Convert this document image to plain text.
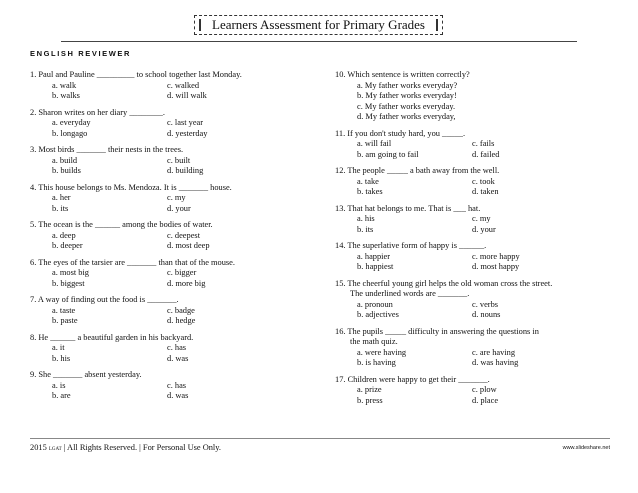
Learners Assessment for Primary Grades
ENGLISH REVIEWER
1. Paul and Pauline _________ to school together last Monday.
a. walk	c. walked
b. walks	d. will walk
2. Sharon writes on her diary ________.
a. everyday	c. last year
b. longago	d. yesterday
3. Most birds _______ their nests in the trees.
a. build	c. built
b. builds	d. building
4. This house belongs to Ms. Mendoza. It is _______ house.
a. her	c. my
b. its	d. your
5. The ocean is the ______ among the bodies of water.
a. deep	c. deepest
b. deeper	d. most deep
6. The eyes of the tarsier are _______ than that of the mouse.
a. most big	c. bigger
b. biggest	d. more big
7. A way of finding out the food is _______.
a. taste	c. badge
b. paste	d. hedge
8. He ______ a beautiful garden in his backyard.
a. it	c. has
b. his	d. was
9. She _______ absent yesterday.
a. is	c. has
b. are	d. was
10. Which sentence is written correctly?
a. My father works everyday?
b. My father works everyday!
c. My father works everyday.
d. My father works everyday,
11. If you don't study hard, you _____.
a. will fail	c. fails
b. am going to fail	d. failed
12. The people _____ a bath away from the well.
a. take	c. took
b. takes	d. taken
13. That hat belongs to me. That is ___ hat.
a. his	c. my
b. its	d. your
14. The superlative form of happy is ______.
a. happier	c. more happy
b. happiest	d. most happy
15. The cheerful young girl helps the old woman cross the street.
The underlined words are _______.
a. pronoun	c. verbs
b. adjectives	d. nouns
16. The pupils _____ difficulty in answering the questions in
the math quiz.
a. were having	c. are having
b. is having	d. was having
17. Children were happy to get their _______.
a. prize	c. plow
b. press	d. place
2015 LGAT | All Rights Reserved. | For Personal Use Only.	www.slideshare.net
